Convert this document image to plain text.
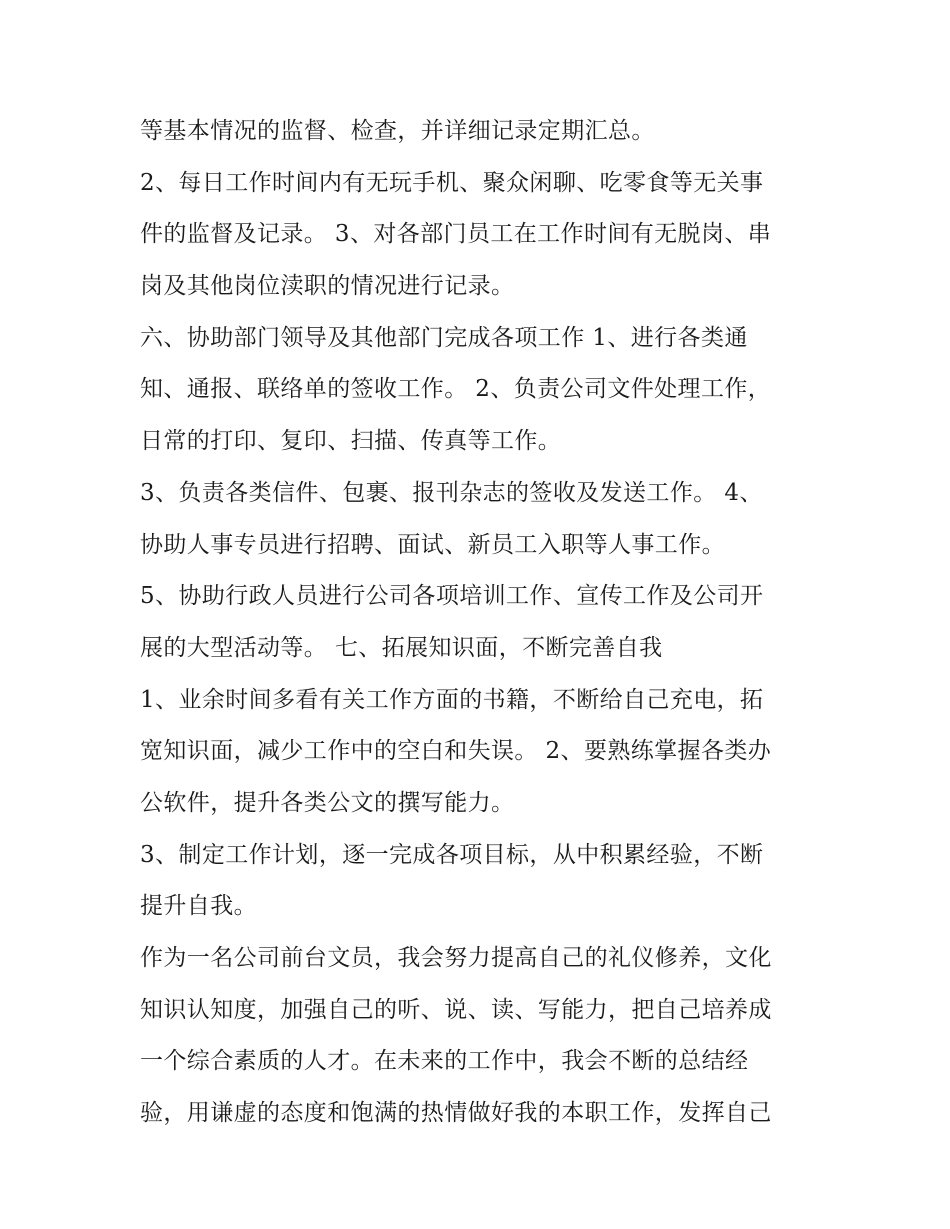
等基本情况的监督、检查，并详细记录定期汇总。
2、每日工作时间内有无玩手机、聚众闲聊、吃零食等无关事
件的监督及记录。 3、对各部门员工在工作时间有无脱岗、串
岗及其他岗位渎职的情况进行记录。
六、协助部门领导及其他部门完成各项工作 1、进行各类通
知、通报、联络单的签收工作。 2、负责公司文件处理工作，
日常的打印、复印、扫描、传真等工作。
3、负责各类信件、包裹、报刊杂志的签收及发送工作。 4、
协助人事专员进行招聘、面试、新员工入职等人事工作。
5、协助行政人员进行公司各项培训工作、宣传工作及公司开
展的大型活动等。 七、拓展知识面，不断完善自我
1、业余时间多看有关工作方面的书籍，不断给自己充电，拓
宽知识面，减少工作中的空白和失误。 2、要熟练掌握各类办
公软件，提升各类公文的撰写能力。
3、制定工作计划，逐一完成各项目标，从中积累经验，不断
提升自我。
作为一名公司前台文员，我会努力提高自己的礼仪修养，文化
知识认知度，加强自己的听、说、读、写能力，把自己培养成
一个综合素质的人才。在未来的工作中，我会不断的总结经
验，用谦虚的态度和饱满的热情做好我的本职工作，发挥自己
